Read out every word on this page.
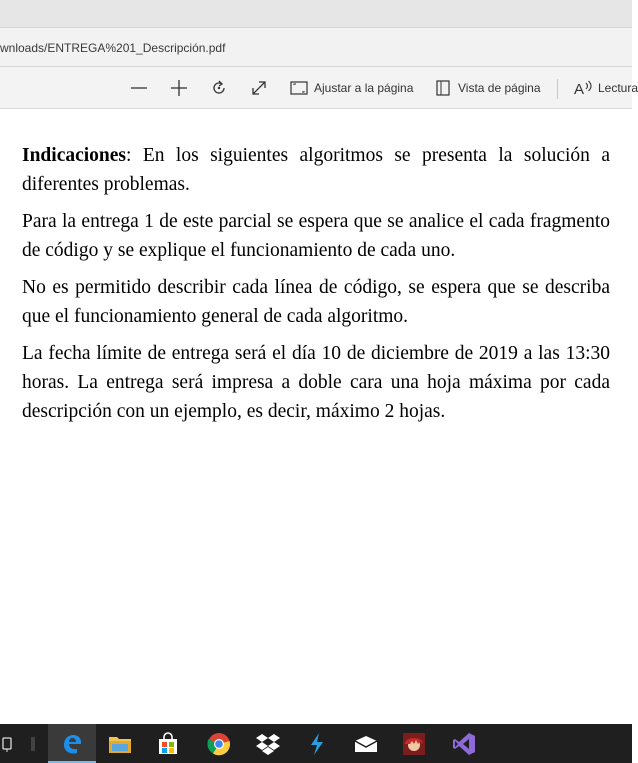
wnloads/ENTREGA%201_Descripción.pdf
Ajustar a la página	Vista de página A Lectura

Indicaciones: En los siguientes algoritmos se presenta la solución a diferentes problemas.

Para la entrega 1 de este parcial se espera que se analice el cada fragmento de código y se explique el funcionamiento de cada uno.

No es permitido describir cada línea de código, se espera que se describa que el funcionamiento general de cada algoritmo.

La fecha límite de entrega será el día 10 de diciembre de 2019 a las 13:30 horas. La entrega será impresa a doble cara una hoja máxima por cada descripción con un ejemplo, es decir, máximo 2 hojas.
